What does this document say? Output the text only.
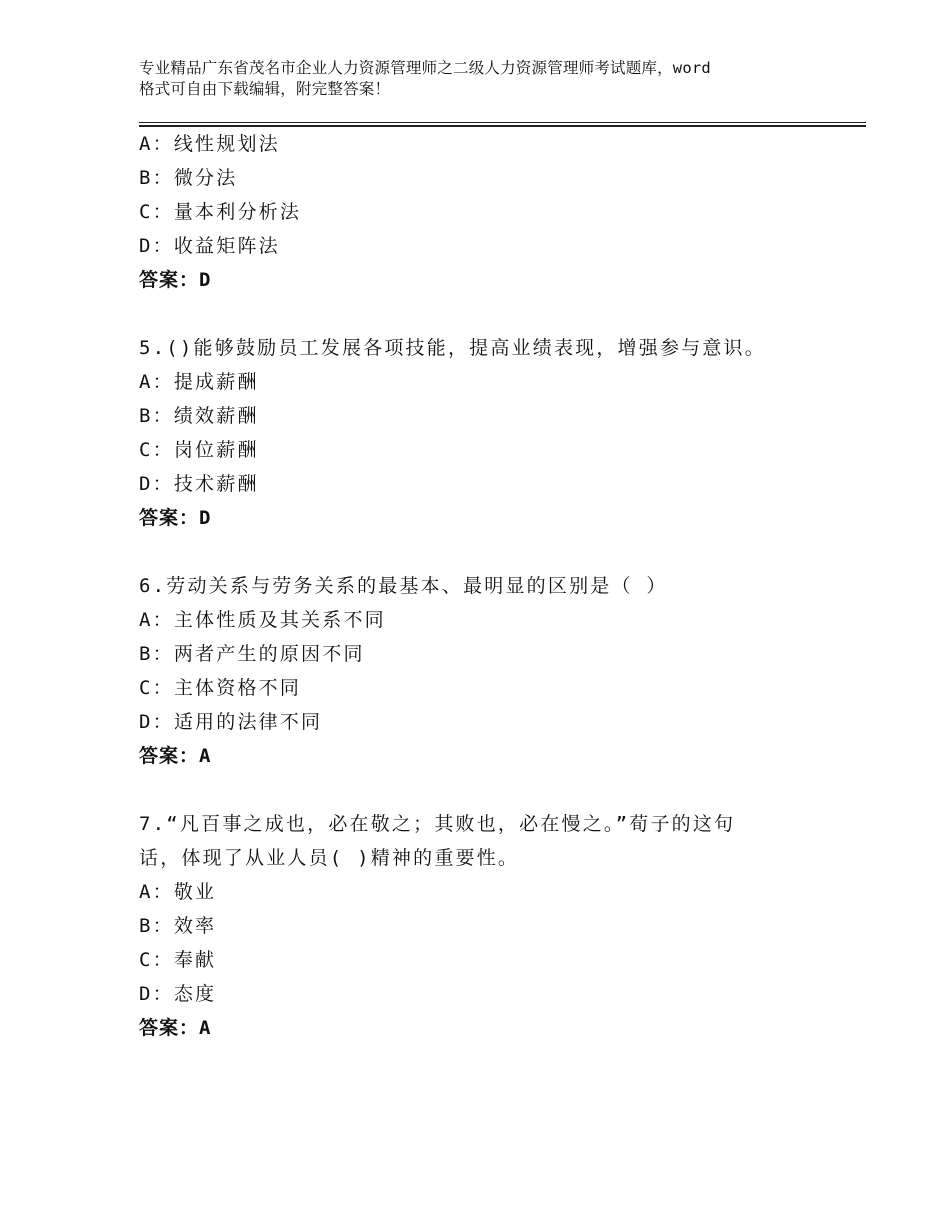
专业精品广东省茂名市企业人力资源管理师之二级人力资源管理师考试题库，word
格式可自由下载编辑，附完整答案！
A：线性规划法
B：微分法
C：量本利分析法
D：收益矩阵法
答案：D
5.()能够鼓励员工发展各项技能，提高业绩表现，增强参与意识。
A：提成薪酬
B：绩效薪酬
C：岗位薪酬
D：技术薪酬
答案：D
6.劳动关系与劳务关系的最基本、最明显的区别是（ ）
A：主体性质及其关系不同
B：两者产生的原因不同
C：主体资格不同
D：适用的法律不同
答案：A
7.“凡百事之成也，必在敬之；其败也，必在慢之。”荀子的这句
话，体现了从业人员( )精神的重要性。
A：敬业
B：效率
C：奉献
D：态度
答案：A
